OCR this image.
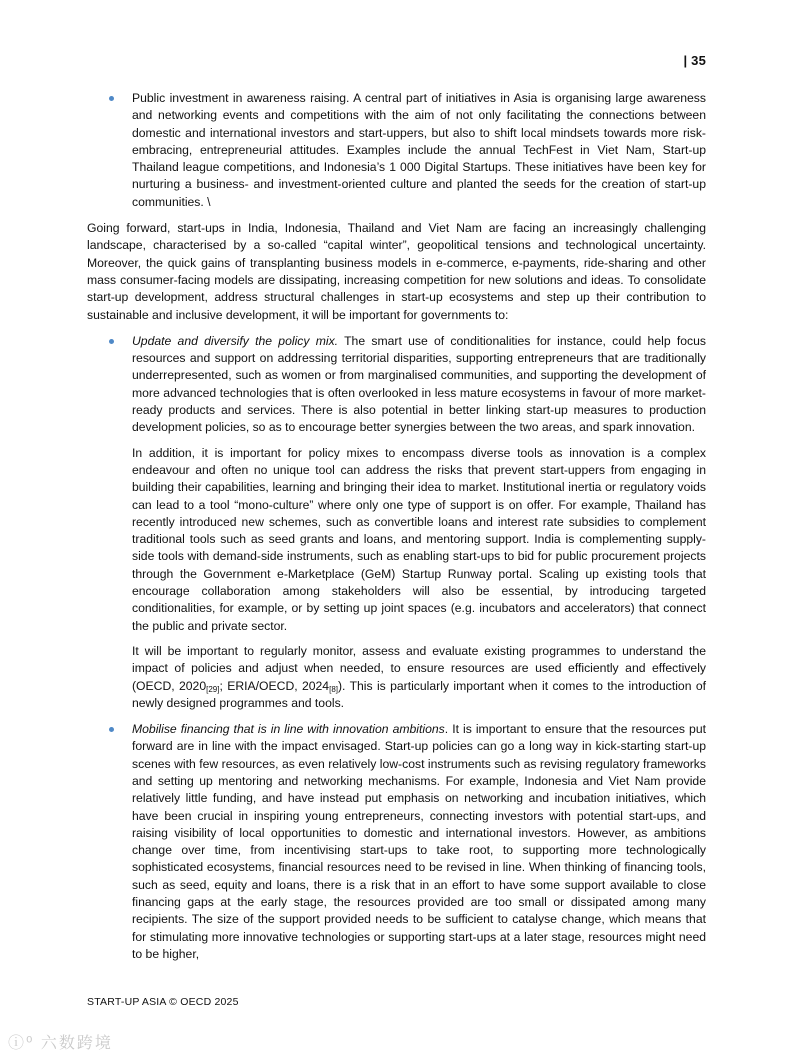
| 35

Public investment in awareness raising. A central part of initiatives in Asia is organising large awareness and networking events and competitions with the aim of not only facilitating the connections between domestic and international investors and start-uppers, but also to shift local mindsets towards more risk-embracing, entrepreneurial attitudes. Examples include the annual TechFest in Viet Nam, Start-up Thailand league competitions, and Indonesia’s 1 000 Digital Startups. These initiatives have been key for nurturing a business- and investment-oriented culture and planted the seeds for the creation of start-up communities. \

Going forward, start-ups in India, Indonesia, Thailand and Viet Nam are facing an increasingly challenging landscape, characterised by a so-called “capital winter”, geopolitical tensions and technological uncertainty. Moreover, the quick gains of transplanting business models in e-commerce, e-payments, ride-sharing and other mass consumer-facing models are dissipating, increasing competition for new solutions and ideas. To consolidate start-up development, address structural challenges in start-up ecosystems and step up their contribution to sustainable and inclusive development, it will be important for governments to:

Update and diversify the policy mix. The smart use of conditionalities for instance, could help focus resources and support on addressing territorial disparities, supporting entrepreneurs that are traditionally underrepresented, such as women or from marginalised communities, and supporting the development of more advanced technologies that is often overlooked in less mature ecosystems in favour of more market-ready products and services. There is also potential in better linking start-up measures to production development policies, so as to encourage better synergies between the two areas, and spark innovation.

In addition, it is important for policy mixes to encompass diverse tools as innovation is a complex endeavour and often no unique tool can address the risks that prevent start-uppers from engaging in building their capabilities, learning and bringing their idea to market. Institutional inertia or regulatory voids can lead to a tool “mono-culture” where only one type of support is on offer. For example, Thailand has recently introduced new schemes, such as convertible loans and interest rate subsidies to complement traditional tools such as seed grants and loans, and mentoring support. India is complementing supply-side tools with demand-side instruments, such as enabling start-ups to bid for public procurement projects through the Government e-Marketplace (GeM) Startup Runway portal. Scaling up existing tools that encourage collaboration among stakeholders will also be essential, by introducing targeted conditionalities, for example, or by setting up joint spaces (e.g. incubators and accelerators) that connect the public and private sector.

It will be important to regularly monitor, assess and evaluate existing programmes to understand the impact of policies and adjust when needed, to ensure resources are used efficiently and effectively (OECD, $2020_{[29]}$; ERIA/OECD, $2024_{[8]}$). This is particularly important when it comes to the introduction of newly designed programmes and tools.

Mobilise financing that is in line with innovation ambitions. It is important to ensure that the resources put forward are in line with the impact envisaged. Start-up policies can go a long way in kick-starting start-up scenes with few resources, as even relatively low-cost instruments such as revising regulatory frameworks and setting up mentoring and networking mechanisms. For example, Indonesia and Viet Nam provide relatively little funding, and have instead put emphasis on networking and incubation initiatives, which have been crucial in inspiring young entrepreneurs, connecting investors with potential start-ups, and raising visibility of local opportunities to domestic and international investors. However, as ambitions change over time, from incentivising start-ups to take root, to supporting more technologically sophisticated ecosystems, financial resources need to be revised in line. When thinking of financing tools, such as seed, equity and loans, there is a risk that in an effort to have some support available to close financing gaps at the early stage, the resources provided are too small or dissipated among many recipients. The size of the support provided needs to be sufficient to catalyse change, which means that for stimulating more innovative technologies or supporting start-ups at a later stage, resources might need to be higher,

START-UP ASIA © OECD 2025
ⓘ⁰ 六数跨境
